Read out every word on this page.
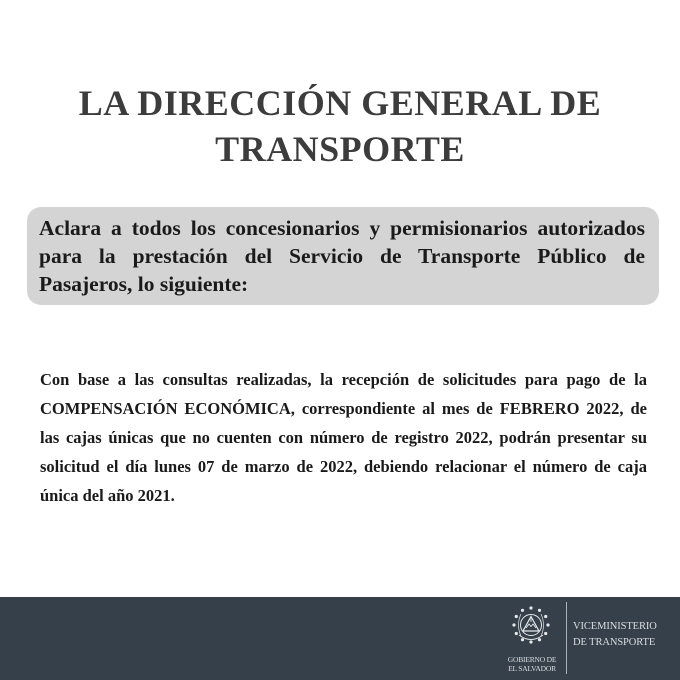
LA DIRECCIÓN GENERAL DE
TRANSPORTE
Aclara a todos los concesionarios y permisionarios autorizados para la prestación del Servicio de Transporte Público de Pasajeros, lo siguiente:
Con base a las consultas realizadas, la recepción de solicitudes para pago de la COMPENSACIÓN ECONÓMICA, correspondiente al mes de FEBRERO 2022, de las cajas únicas que no cuenten con número de registro 2022, podrán presentar su solicitud el día lunes 07 de marzo de 2022, debiendo relacionar el número de caja única del año 2021.
GOBIERNO DE
EL SALVADOR
VICEMINISTERIO
DE TRANSPORTE
